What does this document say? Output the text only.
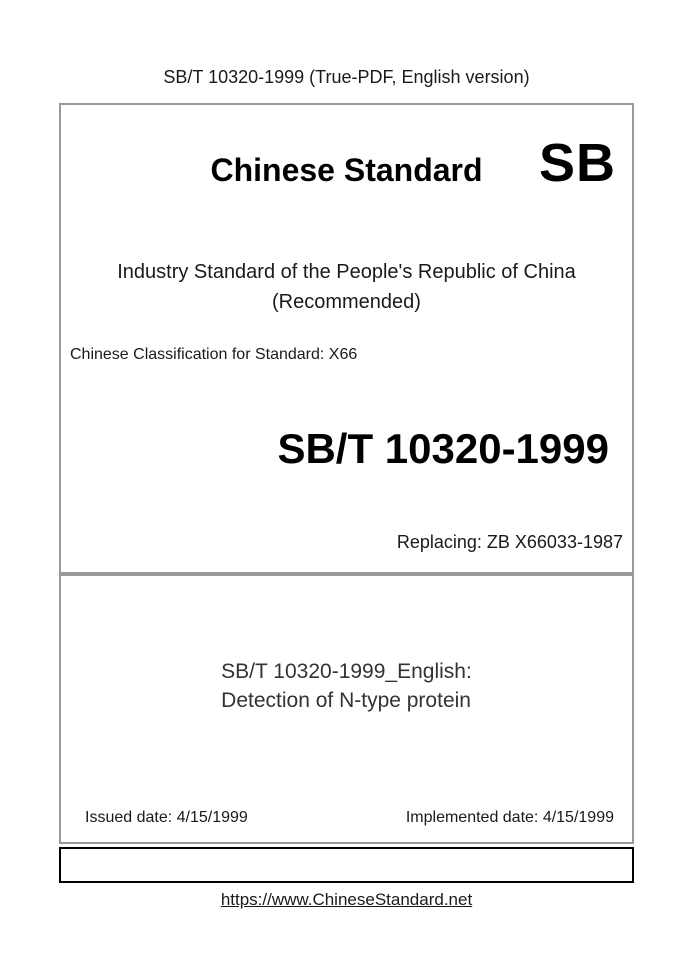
SB/T 10320-1999 (True-PDF, English version)
Chinese Standard	SB
Industry Standard of the People's Republic of China
(Recommended)
Chinese Classification for Standard: X66
SB/T 10320-1999
Replacing: ZB X66033-1987
SB/T 10320-1999_English:
Detection of N-type protein
Issued date: 4/15/1999	Implemented date: 4/15/1999
https://www.ChineseStandard.net
